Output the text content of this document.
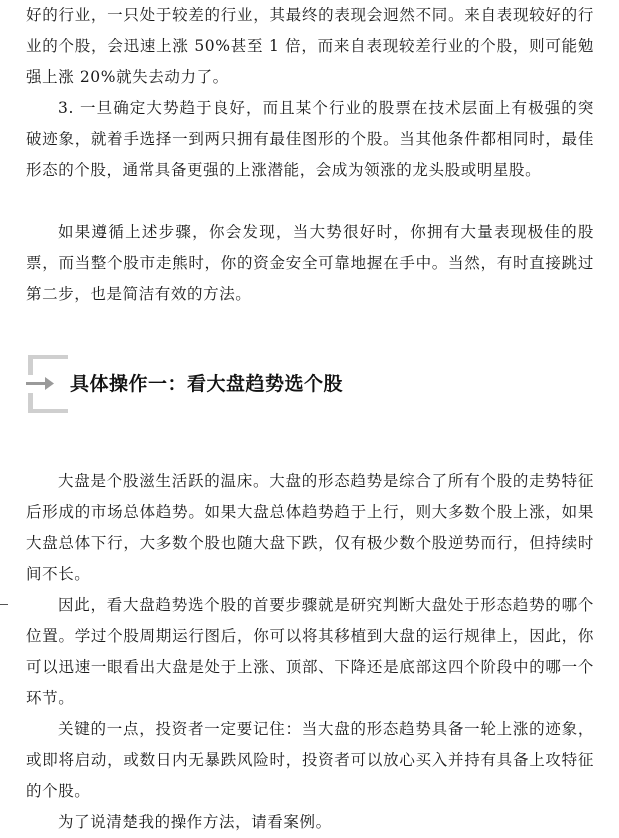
好的行业，一只处于较差的行业，其最终的表现会迥然不同。来自表现较好的行业的个股，会迅速上涨 50%甚至 1 倍，而来自表现较差行业的个股，则可能勉强上涨 20%就失去动力了。

3. 一旦确定大势趋于良好，而且某个行业的股票在技术层面上有极强的突破迹象，就着手选择一到两只拥有最佳图形的个股。当其他条件都相同时，最佳形态的个股，通常具备更强的上涨潜能，会成为领涨的龙头股或明星股。

如果遵循上述步骤，你会发现，当大势很好时，你拥有大量表现极佳的股票，而当整个股市走熊时，你的资金安全可靠地握在手中。当然，有时直接跳过第二步，也是简洁有效的方法。

具体操作一：看大盘趋势选个股

大盘是个股滋生活跃的温床。大盘的形态趋势是综合了所有个股的走势特征后形成的市场总体趋势。如果大盘总体趋势趋于上行，则大多数个股上涨，如果大盘总体下行，大多数个股也随大盘下跌，仅有极少数个股逆势而行，但持续时间不长。

因此，看大盘趋势选个股的首要步骤就是研究判断大盘处于形态趋势的哪个位置。学过个股周期运行图后，你可以将其移植到大盘的运行规律上，因此，你可以迅速一眼看出大盘是处于上涨、顶部、下降还是底部这四个阶段中的哪一个环节。

关键的一点，投资者一定要记住：当大盘的形态趋势具备一轮上涨的迹象，或即将启动，或数日内无暴跌风险时，投资者可以放心买入并持有具备上攻特征的个股。

为了说清楚我的操作方法，请看案例。
